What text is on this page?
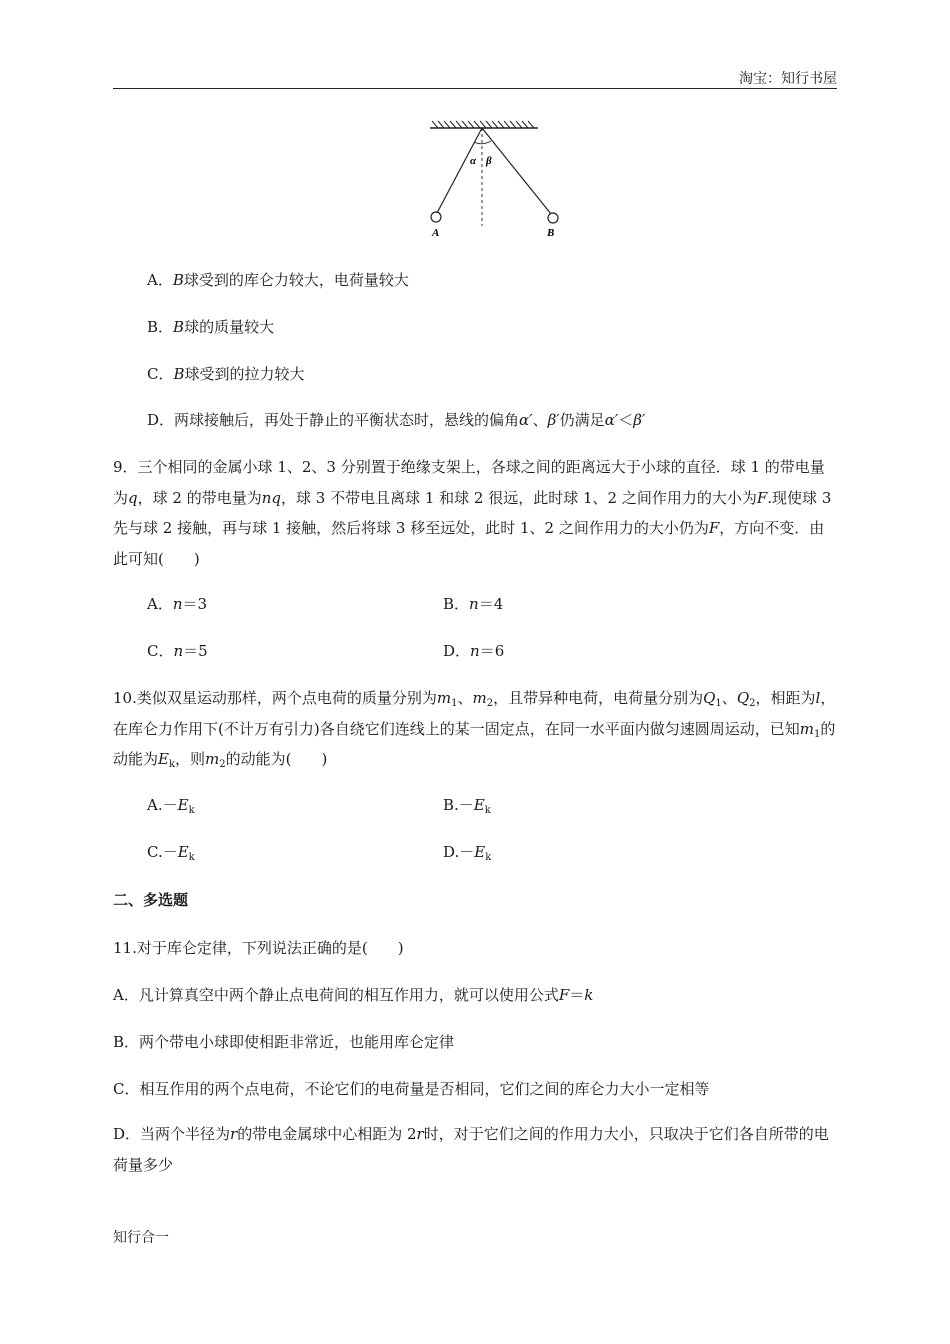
淘宝：知行书屋
α β
A	B
A．B球受到的库仑力较大，电荷量较大
B．B球的质量较大
C．B球受到的拉力较大
D．两球接触后，再处于静止的平衡状态时，悬线的偏角α′、β′仍满足α′＜β′
9．三个相同的金属小球 1、2、3 分别置于绝缘支架上，各球之间的距离远大于小球的直径．球 1 的带电量为q，球 2 的带电量为nq，球 3 不带电且离球 1 和球 2 很远，此时球 1、2 之间作用力的大小为F.现使球 3 先与球 2 接触，再与球 1 接触，然后将球 3 移至远处，此时 1、2 之间作用力的大小仍为F，方向不变．由此可知(　　)
A．n＝3	B．n＝4
C．n＝5	D．n＝6
10.类似双星运动那样，两个点电荷的质量分别为$m_1$、$m_2$，且带异种电荷，电荷量分别为$Q_1$、$Q_2$，相距为l，在库仑力作用下(不计万有引力)各自绕它们连线上的某一固定点，在同一水平面内做匀速圆周运动，已知$m_1$的动能为$E_k$，则$m_2$的动能为(　　)
$A.-E_k$	$B.-E_k$
$C.-E_k$	$D.-E_k$
二、多选题
11.对于库仑定律，下列说法正确的是(　　)
A．凡计算真空中两个静止点电荷间的相互作用力，就可以使用公式F＝k
B．两个带电小球即使相距非常近，也能用库仑定律
C．相互作用的两个点电荷，不论它们的电荷量是否相同，它们之间的库仑力大小一定相等
D．当两个半径为r的带电金属球中心相距为 2r时，对于它们之间的作用力大小，只取决于它们各自所带的电荷量多少
知行合一
